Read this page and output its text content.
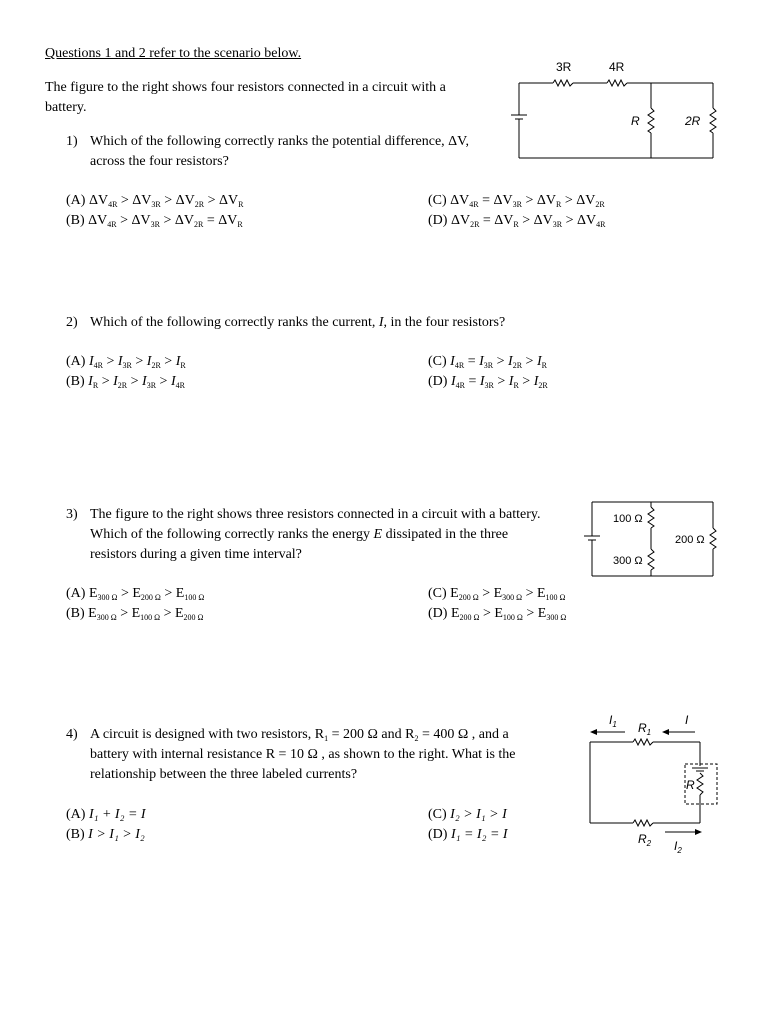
Questions 1 and 2 refer to the scenario below.
The figure to the right shows four resistors connected in a circuit with a
battery.
1) Which of the following correctly ranks the potential difference, ΔV,
across the four resistors?
(A) $\Delta V_{4R} > \Delta V_{3R} > \Delta V_{2R} > \Delta V_R$
(B) $\Delta V_{4R} > \Delta V_{3R} > \Delta V_{2R} = \Delta V_R$
(C) $\Delta V_{4R} = \Delta V_{3R} > \Delta V_R > \Delta V_{2R}$
(D) $\Delta V_{2R} = \Delta V_R > \Delta V_{3R} > \Delta V_{4R}$
2) Which of the following correctly ranks the current, I, in the four resistors?
(A) $I_{4R} > I_{3R} > I_{2R} > I_R$
(B) $I_R > I_{2R} > I_{3R} > I_{4R}$
(C) $I_{4R} = I_{3R} > I_{2R} > I_R$
(D) $I_{4R} = I_{3R} > I_R > I_{2R}$
3) The figure to the right shows three resistors connected in a circuit with a battery.
Which of the following correctly ranks the energy E dissipated in the three
resistors during a given time interval?
(A) $E_{300 \Omega} > E_{200 \Omega} > E_{100 \Omega}$
(B) $E_{300 \Omega} > E_{100 \Omega} > E_{200 \Omega}$
(C) $E_{200 \Omega} > E_{300 \Omega} > E_{100 \Omega}$
(D) $E_{200 \Omega} > E_{100 \Omega} > E_{300 \Omega}$
4) A circuit is designed with two resistors, $R_1 = 200$ Ω and $R_2 = 400$ Ω , and a
battery with internal resistance R = 10 Ω , as shown to the right. What is the
relationship between the three labeled currents?
(A) I₁ + I₂ = I
(B) I > I₁ > I₂
(C) I₂ > I₁ > I
(D) I₁ = I₂ = I
3R	4R
R	2R
100 Ω
300 Ω
200 Ω
$I_1$	I
$R_1$
R
$R_2$ $I_2$
